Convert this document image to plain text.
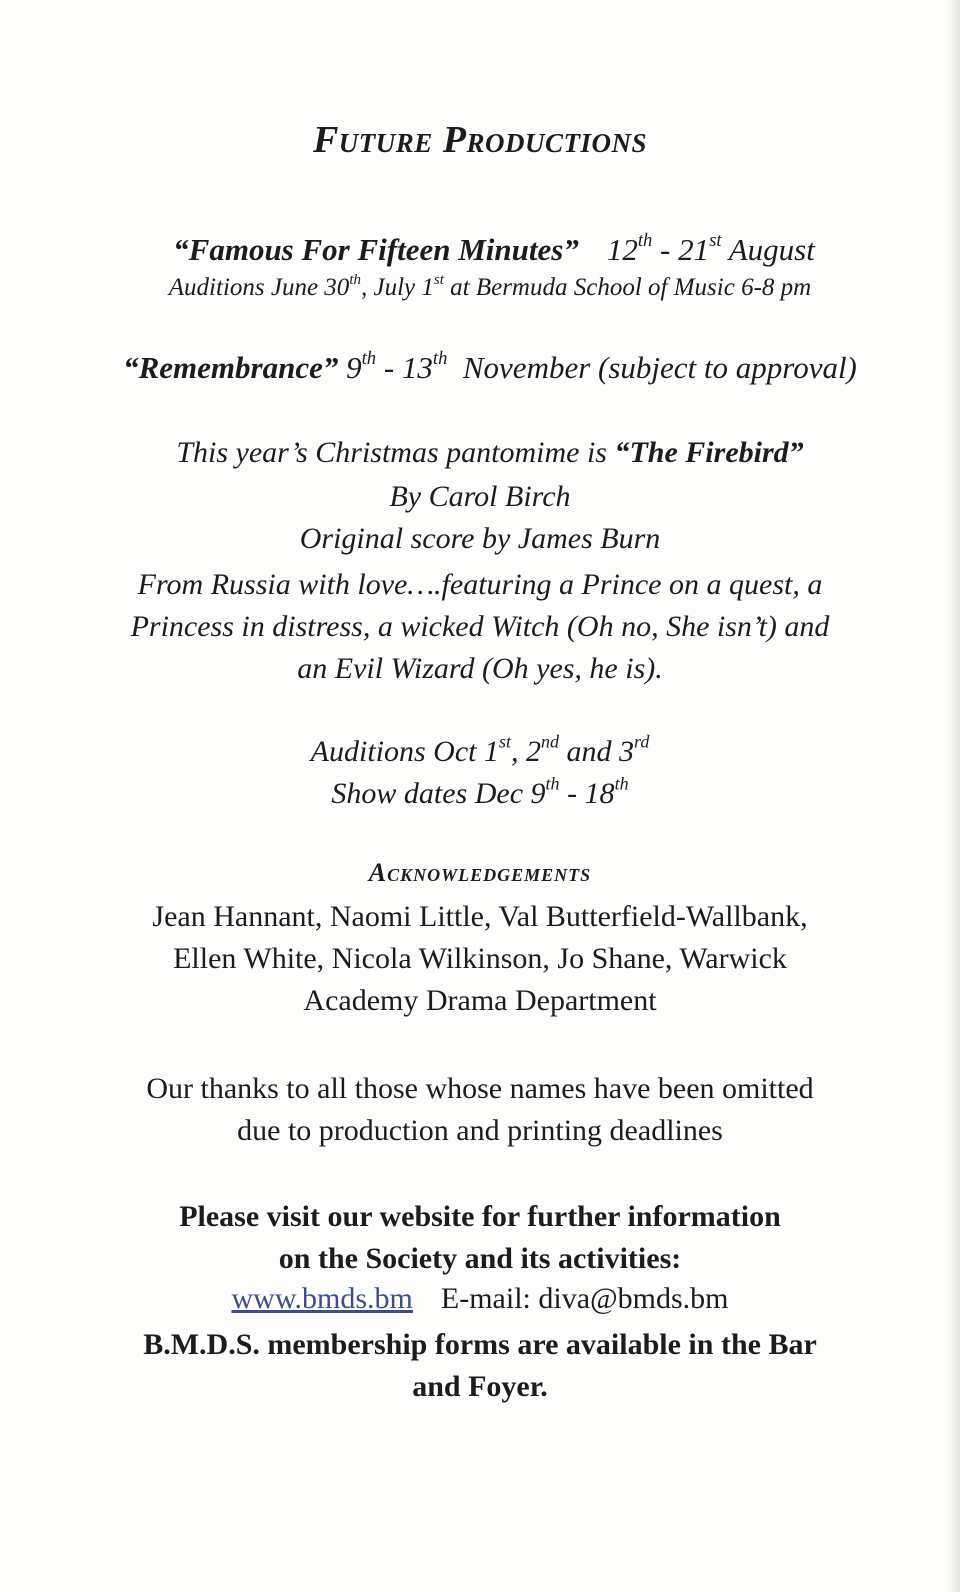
Future Productions
“Famous For Fifteen Minutes” 12th - 21st August
Auditions June 30th, July 1st at Bermuda School of Music 6-8 pm
“Remembrance” 9th - 13th  November (subject to approval)
This year’s Christmas pantomime is “The Firebird”
By Carol Birch
Original score by James Burn
From Russia with love….featuring a Prince on a quest, a
Princess in distress, a wicked Witch (Oh no, She isn’t) and
an Evil Wizard (Oh yes, he is).
Auditions Oct 1st, 2nd and 3rd
Show dates Dec 9th - 18th
Acknowledgements
Jean Hannant, Naomi Little, Val Butterfield-Wallbank,
Ellen White, Nicola Wilkinson, Jo Shane, Warwick
Academy Drama Department
Our thanks to all those whose names have been omitted
due to production and printing deadlines
Please visit our website for further information
on the Society and its activities:
www.bmds.bm E-mail: diva@bmds.bm
B.M.D.S. membership forms are available in the Bar
and Foyer.
